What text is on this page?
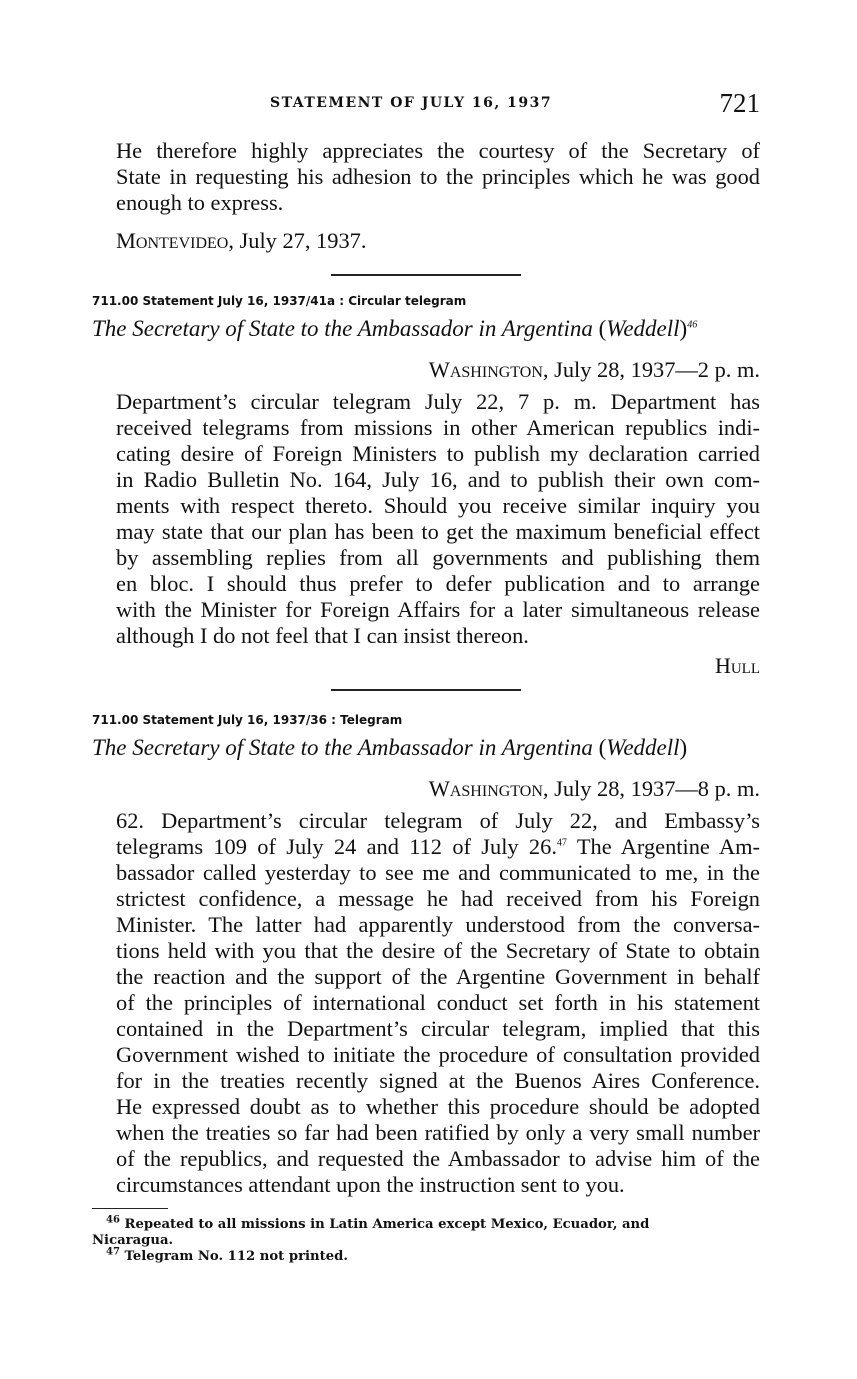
STATEMENT OF JULY 16, 1937	721

He therefore highly appreciates the courtesy of the Secretary of
State in requesting his adhesion to the principles which he was good
enough to express.

Montevideo, July 27, 1937.

711.00 Statement July 16, 1937/41a : Circular telegram

The Secretary of State to the Ambassador in Argentina (Weddell)$^{46}$

Washington, July 28, 1937—2 p. m.

Department’s circular telegram July 22, 7 p. m. Department has
received telegrams from missions in other American republics indi-
cating desire of Foreign Ministers to publish my declaration carried
in Radio Bulletin No. 164, July 16, and to publish their own com-
ments with respect thereto. Should you receive similar inquiry you
may state that our plan has been to get the maximum beneficial effect
by assembling replies from all governments and publishing them
en bloc. I should thus prefer to defer publication and to arrange
with the Minister for Foreign Affairs for a later simultaneous release
although I do not feel that I can insist thereon.

Hull

711.00 Statement July 16, 1937/36 : Telegram

The Secretary of State to the Ambassador in Argentina (Weddell)

Washington, July 28, 1937—8 p. m.

62. Department’s circular telegram of July 22, and Embassy’s
telegrams 109 of July 24 and 112 of July 26.47 The Argentine Am-
bassador called yesterday to see me and communicated to me, in the
strictest confidence, a message he had received from his Foreign
Minister. The latter had apparently understood from the conversa-
tions held with you that the desire of the Secretary of State to obtain
the reaction and the support of the Argentine Government in behalf
of the principles of international conduct set forth in his statement
contained in the Department’s circular telegram, implied that this
Government wished to initiate the procedure of consultation provided
for in the treaties recently signed at the Buenos Aires Conference.
He expressed doubt as to whether this procedure should be adopted
when the treaties so far had been ratified by only a very small number
of the republics, and requested the Ambassador to advise him of the
circumstances attendant upon the instruction sent to you.

$^{46}$ Repeated to all missions in Latin America except Mexico, Ecuador, and

Nicaragua.

$^{47}$ Telegram No. 112 not printed.
